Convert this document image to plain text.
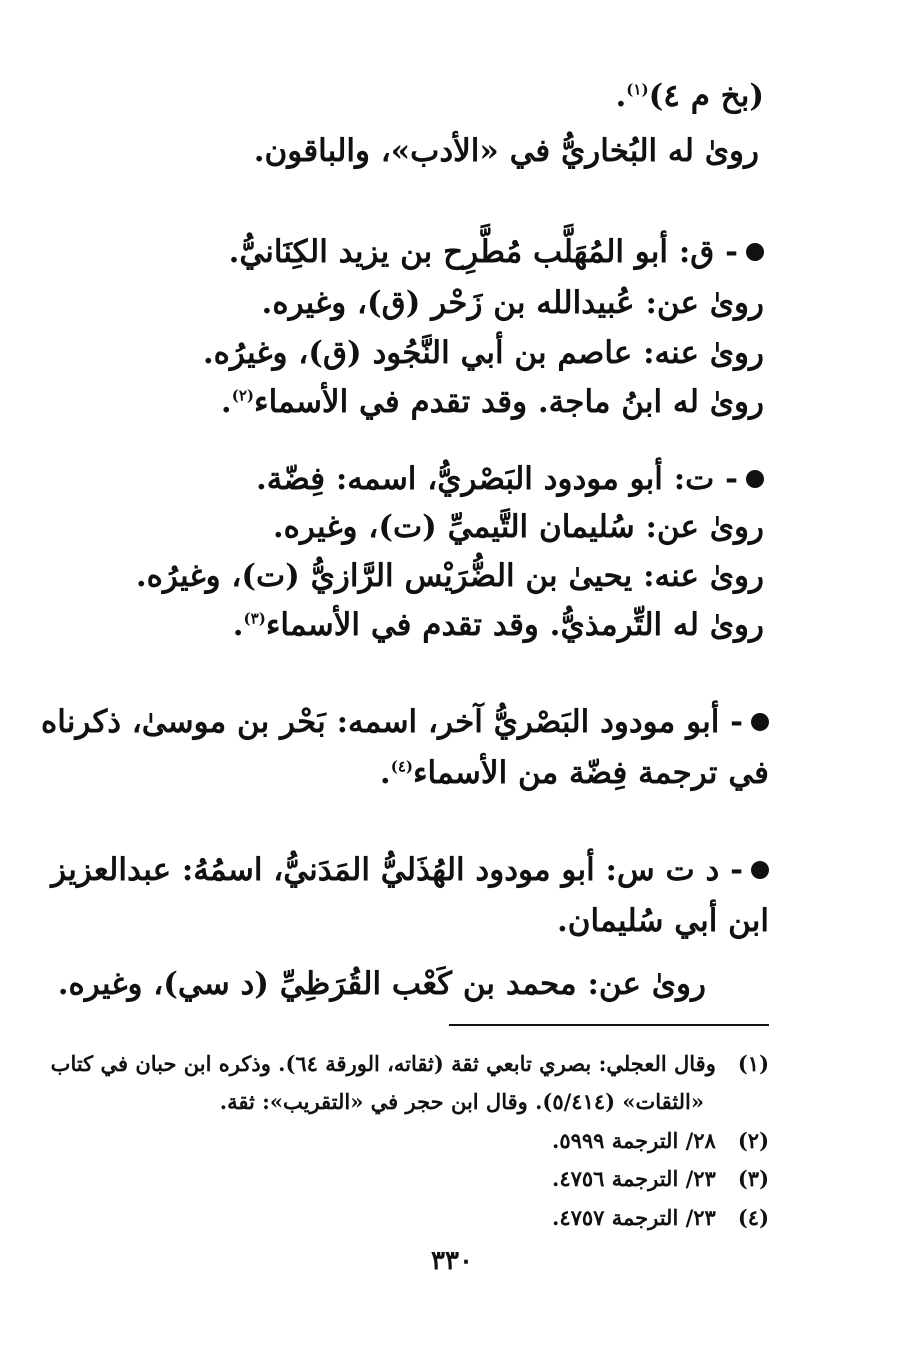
(بخ م ٤)$^{(١)}$.
روىٰ له البُخاريُّ في «الأدب»، والباقون.
- ق: أبو المُهَلَّب مُطَّرِح بن يزيد الكِنَانيُّ.
روىٰ عن: عُبيدالله بن زَحْر (ق)، وغيره.
روىٰ عنه: عاصم بن أبي النَّجُود (ق)، وغيرُه.
روىٰ له ابنُ ماجة. وقد تقدم في الأسماء$^{(٢)}$.
- ت: أبو مودود البَصْريُّ، اسمه: فِضّة.
روىٰ عن: سُليمان التَّيميِّ (ت)، وغيره.
روىٰ عنه: يحيىٰ بن الضُّرَيْس الرَّازيُّ (ت)، وغيرُه.
روىٰ له التِّرمذيُّ. وقد تقدم في الأسماء$^{(٣)}$.
- أبو مودود البَصْريُّ آخر، اسمه: بَحْر بن موسىٰ، ذكرناه
في ترجمة فِضّة من الأسماء$^{(٤)}$.
- د ت س: أبو مودود الهُذَليُّ المَدَنيُّ، اسمُهُ: عبدالعزيز
ابن أبي سُليمان.
روىٰ عن: محمد بن كَعْب القُرَظِيِّ (د سي)، وغيره.
(١)
وقال العجلي: بصري تابعي ثقة (ثقاته، الورقة ٦٤). وذكره ابن حبان في كتاب
«الثقات» (٥/٤١٤). وقال ابن حجر في «التقريب»: ثقة.
(٢)
٢٨/ الترجمة ٥٩٩٩.
(٣)
٢٣/ الترجمة ٤٧٥٦.
(٤)
٢٣/ الترجمة ٤٧٥٧.
٣٣٠
